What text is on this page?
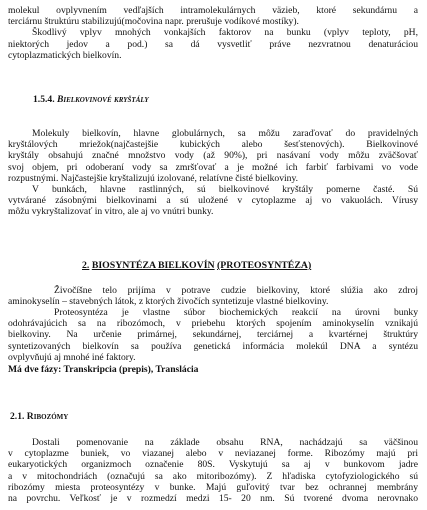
molekul ovplyvnením vedľajších intramolekulárnych väzieb, ktoré sekundárnu a
terciárnu štruktúru stabilizujú(močovina napr. prerušuje vodíkové mostíky).
Škodlivý vplyv mnohých vonkajších faktorov na bunku (vplyv teploty, pH,
niektorých jedov a pod.) sa dá vysvetliť práve nezvratnou denaturáciou
cytoplazmatických bielkovín.
1.5.4. Bielkovinové kryštály
Molekuly bielkovín, hlavne globulárnych, sa môžu zaraďovať do pravidelných
kryštálových mriežok(najčastejšie kubických alebo šesťstenových). Bielkovinové
kryštály obsahujú značné množstvo vody (až 90%), pri nasávaní vody môžu zväčšovať
svoj objem, pri odoberaní vody sa zmršťovať a je možné ich farbiť farbivami vo vode
rozpustnými. Najčastejšie kryštalizujú izolované, relatívne čisté bielkoviny.
V bunkách, hlavne rastlinných, sú bielkovinové kryštály pomerne časté. Sú
vytvárané zásobnými bielkovinami a sú uložené v cytoplazme aj vo vakuolách. Vírusy
môžu vykryštalizovať in vitro, ale aj vo vnútri bunky.
2. BIOSYNTÉZA BIELKOVÍN (PROTEOSYNTÉZA)
Živočíšne telo prijíma v potrave cudzie bielkoviny, ktoré slúžia ako zdroj
aminokyselín – stavebných látok, z ktorých živočích syntetizuje vlastné bielkoviny.
Proteosyntéza je vlastne súbor biochemických reakcií na úrovni bunky
odohrávajúcich sa na ribozómoch, v priebehu ktorých spojením aminokyselín vznikajú
bielkoviny. Na určenie primárnej, sekundárnej, terciárnej a kvartérnej štruktúry
syntetizovaných bielkovín sa používa genetická informácia molekúl DNA a syntézu
ovplyvňujú aj mnohé iné faktory.
Má dve fázy: Transkripcia (prepis), Translácia
2.1. Ribozómy
Dostali pomenovanie na základe obsahu RNA, nachádzajú sa väčšinou
v cytoplazme buniek, vo viazanej alebo v neviazanej forme. Ribozómy majú pri
eukaryotických organizmoch označenie 80S. Vyskytujú sa aj v bunkovom jadre
a v mitochondriách (označujú sa ako mitoribozómy). Z hľadiska cytofyziologického sú
ribozómy miesta proteosyntézy v bunke. Majú guľovitý tvar bez ochrannej membrány
na povrchu. Veľkosť je v rozmedzí medzi 15- 20 nm. Sú tvorené dvoma nerovnako
